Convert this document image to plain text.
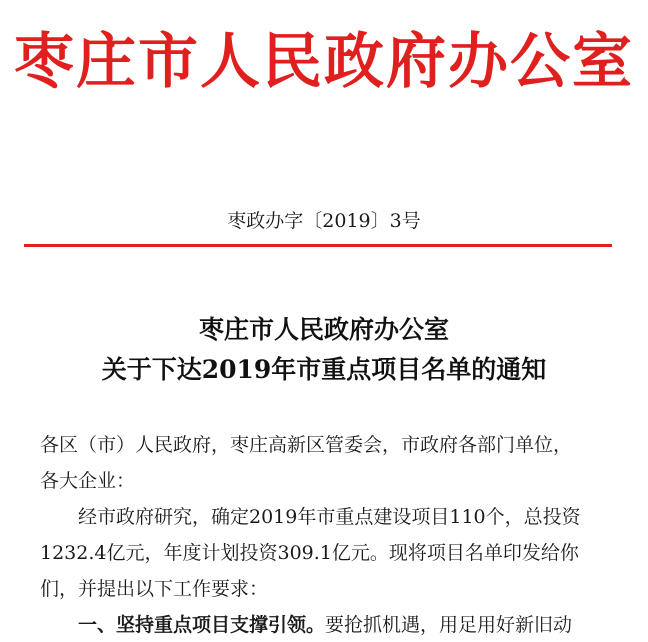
枣庄市人民政府办公室
枣政办字〔2019〕3号
枣庄市人民政府办公室
关于下达2019年市重点项目名单的通知
各区（市）人民政府，枣庄高新区管委会，市政府各部门单位，
各大企业：
经市政府研究，确定2019年市重点建设项目110个，总投资
1232.4亿元，年度计划投资309.1亿元。现将项目名单印发给你
们，并提出以下工作要求：
一、坚持重点项目支撑引领。要抢抓机遇，用足用好新旧动
